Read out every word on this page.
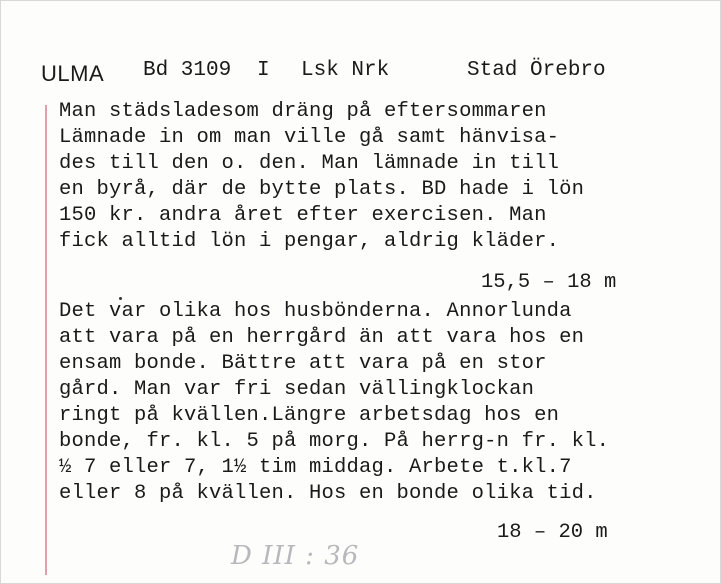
ULMA Bd 3109 I Lsk Nrk	Stad Örebro
Man städsladesom dräng på eftersommaren
Lämnade in om man ville gå samt hänvisa-
des till den o. den. Man lämnade in till
en byrå, där de bytte plats. BD hade i lön
150 kr. andra året efter exercisen. Man
fick alltid lön i pengar, aldrig kläder.
15,5 – 18 m
Det var olika hos husbönderna. Annorlunda
att vara på en herrgård än att vara hos en
ensam bonde. Bättre att vara på en stor
gård. Man var fri sedan vällingklockan
ringt på kvällen.Längre arbetsdag hos en
bonde, fr. kl. 5 på morg. På herrg-n fr. kl.
½ 7 eller 7, 1½ tim middag. Arbete t.kl.7
eller 8 på kvällen. Hos en bonde olika tid.
18 – 20 m
D III : 36
